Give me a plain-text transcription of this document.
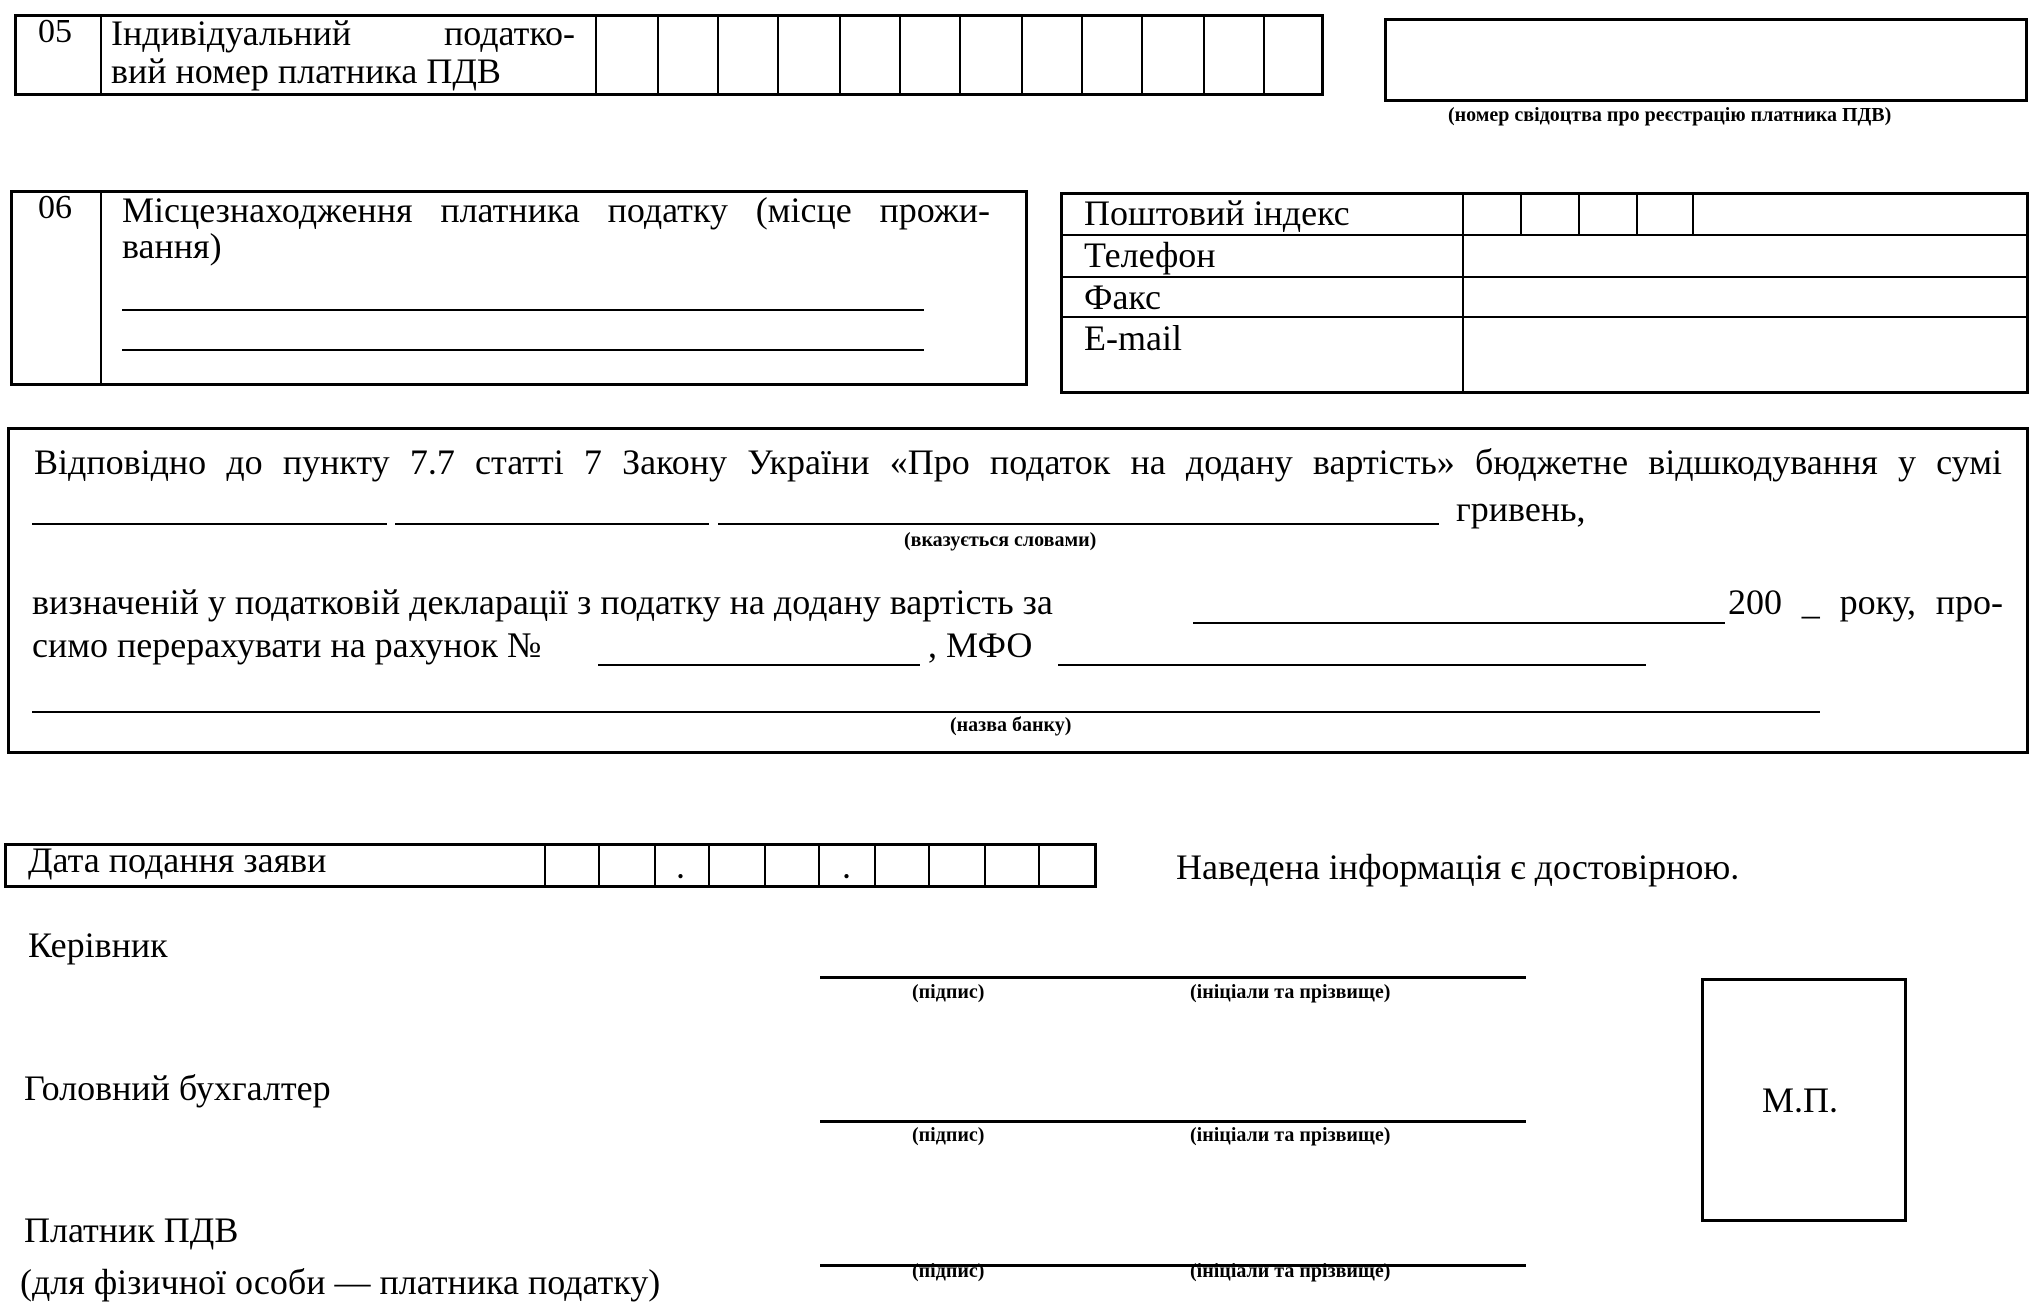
05 Індивідуальний податко-
вий номер платника ПДВ
(номер свідоцтва про реєстрацію платника ПДВ)
06 Місцезнаходження платника податку (місце прожи-
вання)
Поштовий індекс
Телефон
Факс
E-mail
Відповідно до пункту 7.7 статті 7 Закону України «Про податок на додану вартість» бюджетне відшкодування у сумі
гривень,
(вказується словами)
визначеній у податковій декларації з податку на додану вартість за	200 _ року, про-
симо перерахувати на рахунок №	, МФО
(назва банку)
Дата подання заяви	.	.	Наведена інформація є достовірною.
Керівник
(підпис)	(ініціали та прізвище)
Головний бухгалтер
(підпис)	(ініціали та прізвище)
Платник ПДВ
(для фізичної особи — платника податку)	(підпис)	(ініціали та прізвище)
М.П.
